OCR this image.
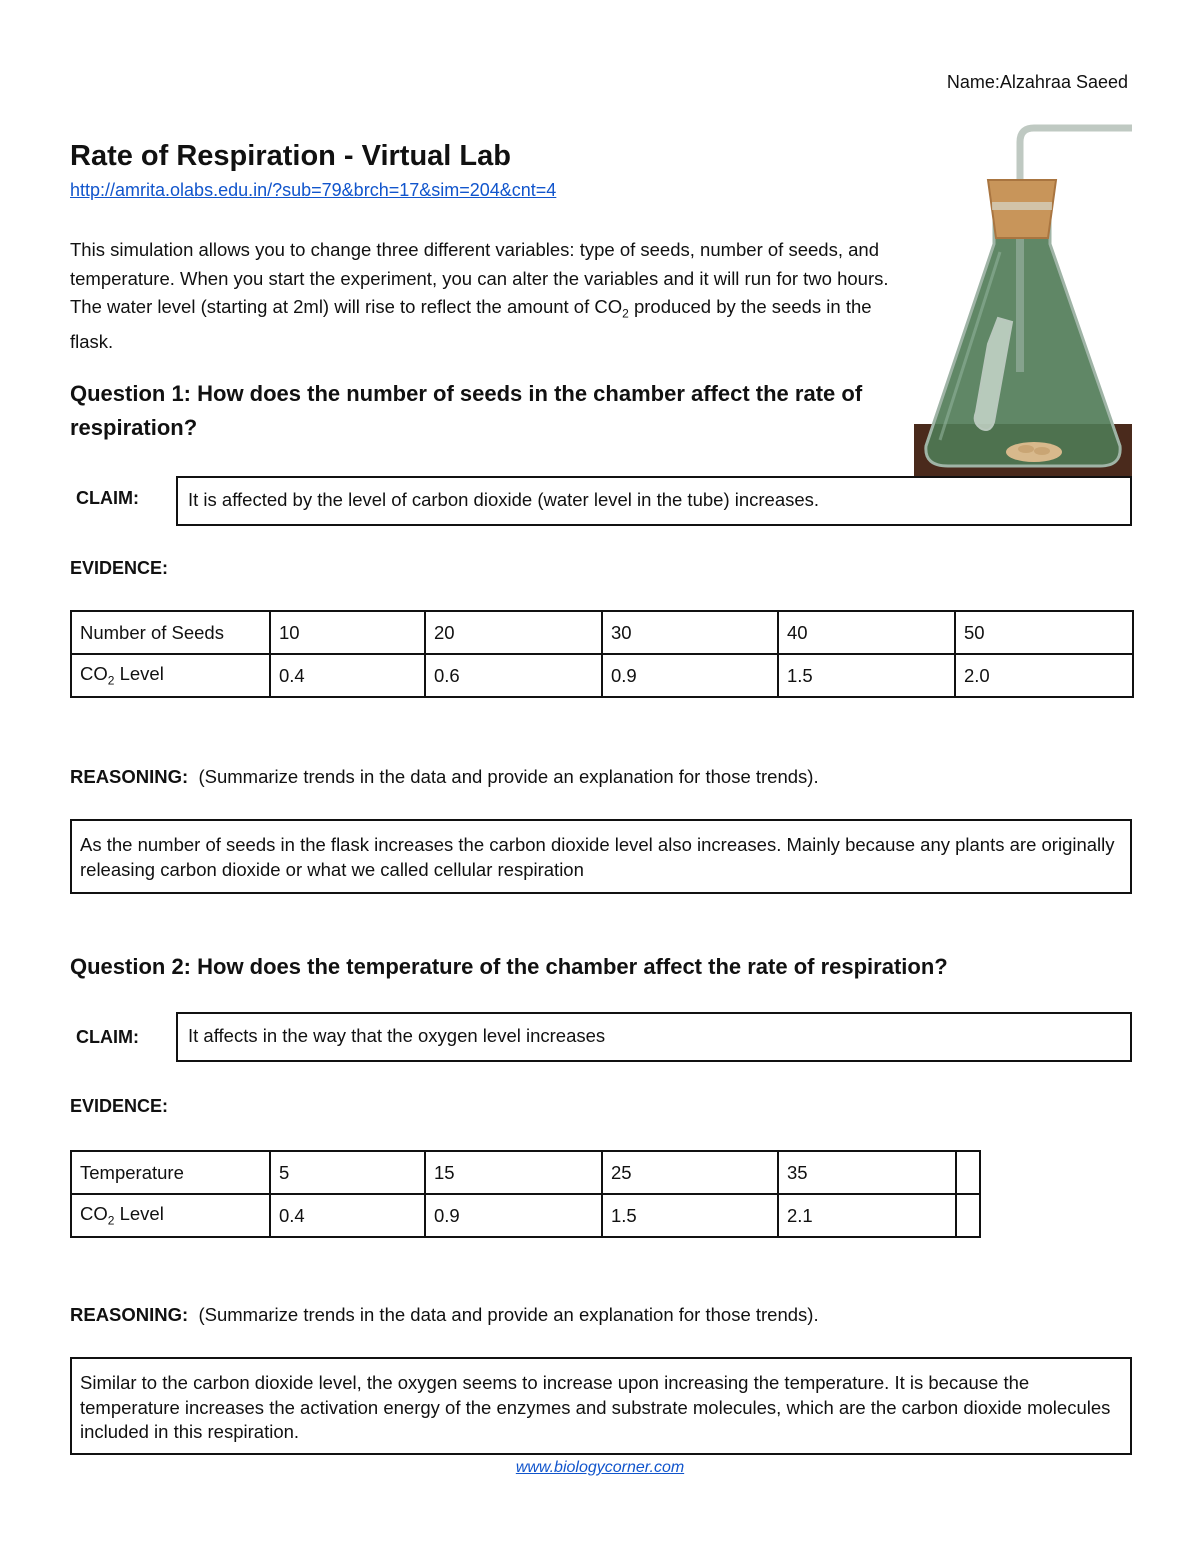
Name:Alzahraa Saeed
Rate of Respiration - Virtual Lab
http://amrita.olabs.edu.in/?sub=79&brch=17&sim=204&cnt=4
This simulation allows you to change three different variables: type of seeds, number of seeds, and temperature. When you start the experiment, you can alter the variables and it will run for two hours. The water level (starting at 2ml) will rise to reflect the amount of $CO_2$ produced by the seeds in the flask.
Question 1: How does the number of seeds in the chamber affect the rate of respiration?
CLAIM:	It is affected by the level of carbon dioxide (water level in the tube) increases.
EVIDENCE:
Number of Seeds	10	20	30	40	50
$CO_2$ Level	0.4	0.6	0.9	1.5	2.0
REASONING:  (Summarize trends in the data and provide an explanation for those trends).
As the number of seeds in the flask increases the carbon dioxide level also increases. Mainly because any plants are originally releasing carbon dioxide or what we called cellular respiration
Question 2: How does the temperature of the chamber affect the rate of respiration?
CLAIM:	It affects in the way that the oxygen level increases
EVIDENCE:
Temperature	5	15	25	35	
$CO_2$ Level	0.4	0.9	1.5	2.1	
REASONING:  (Summarize trends in the data and provide an explanation for those trends).
Similar to the carbon dioxide level, the oxygen seems to increase upon increasing the temperature. It is because the temperature increases the activation energy of the enzymes and substrate molecules, which are the carbon dioxide molecules included in this respiration.
www.biologycorner.com
